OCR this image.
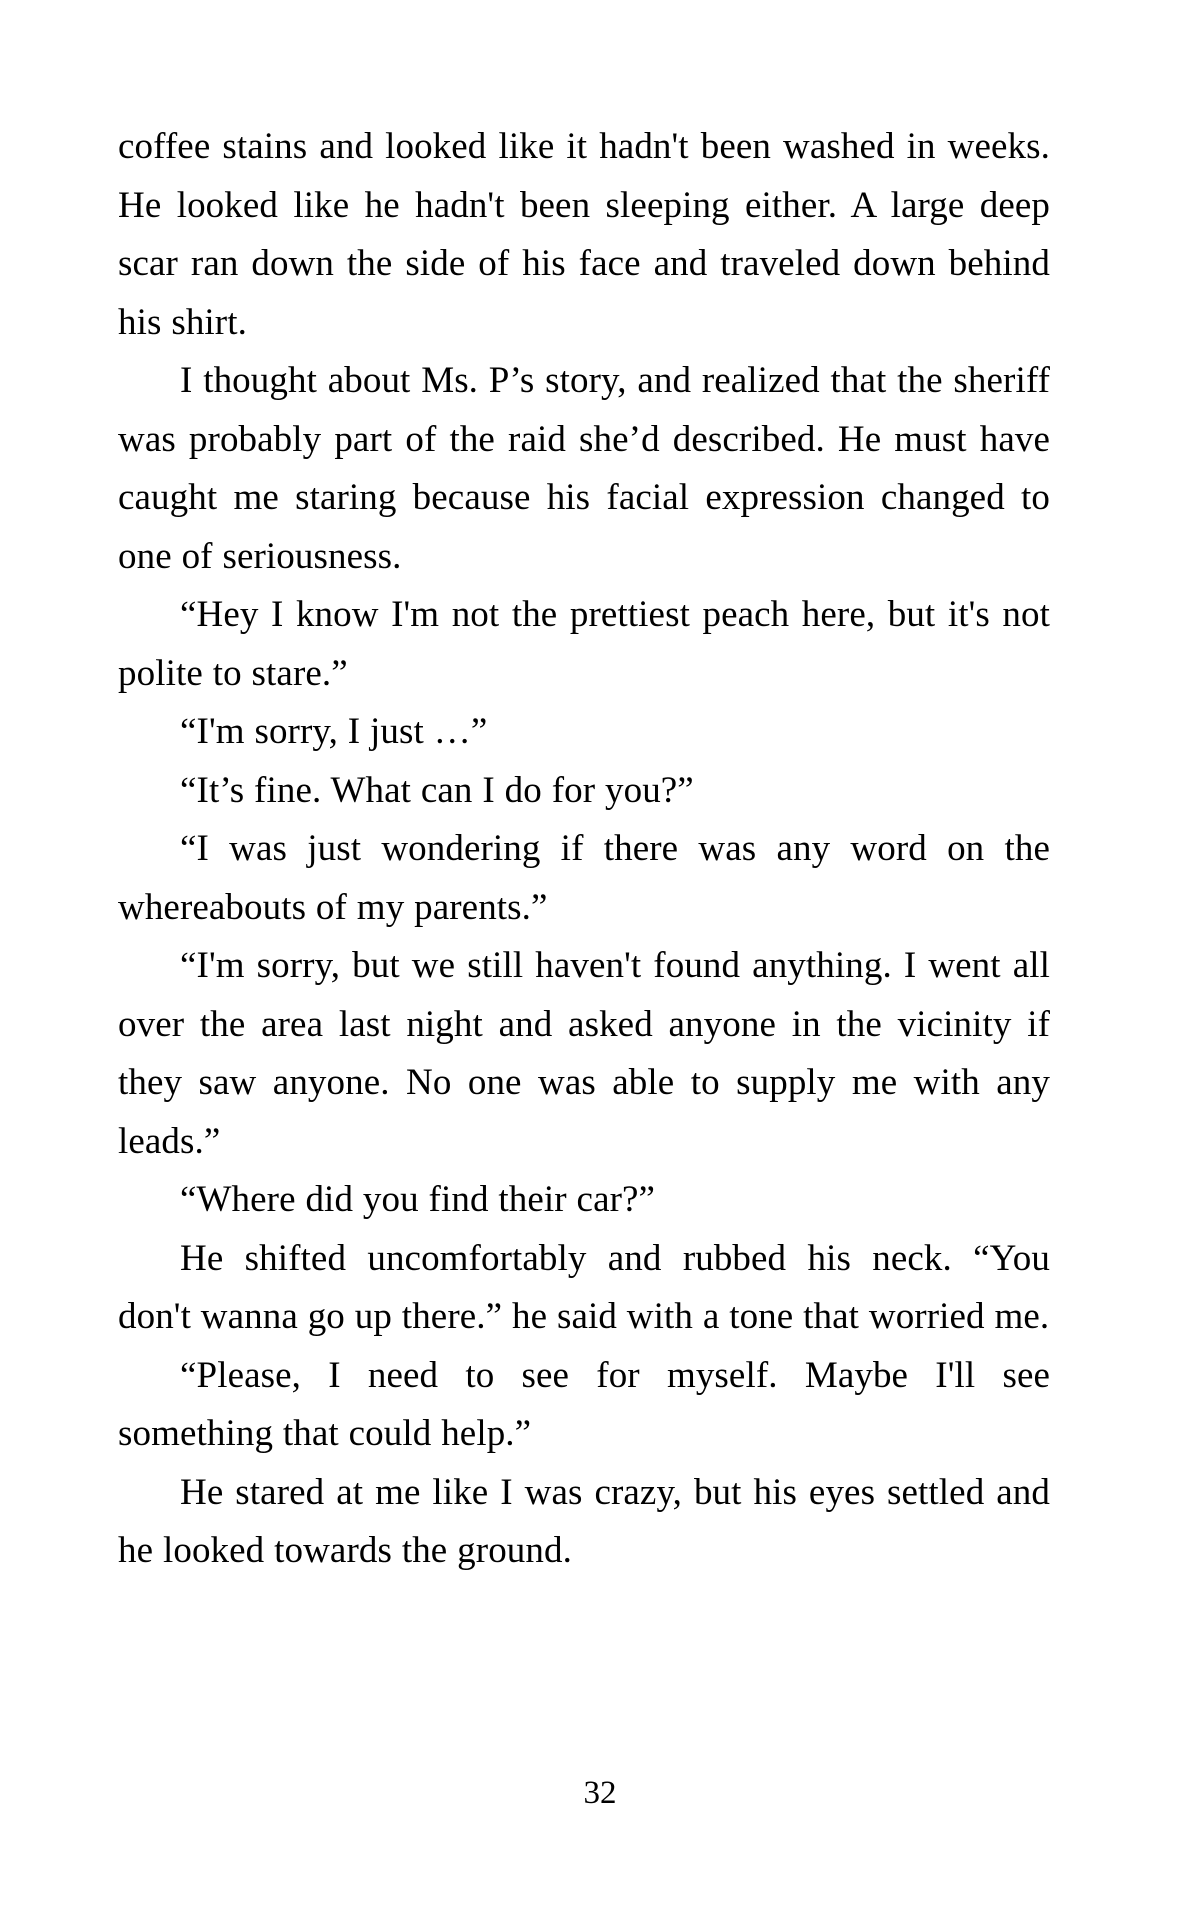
coffee stains and looked like it hadn't been washed in weeks. He looked like he hadn't been sleeping either. A large deep scar ran down the side of his face and traveled down behind his shirt.

I thought about Ms. P’s story, and realized that the sheriff was probably part of the raid she’d described. He must have caught me staring because his facial expression changed to one of seriousness.

“Hey I know I'm not the prettiest peach here, but it's not polite to stare.”

“I'm sorry, I just …”

“It’s fine. What can I do for you?”

“I was just wondering if there was any word on the whereabouts of my parents.”

“I'm sorry, but we still haven't found anything. I went all over the area last night and asked anyone in the vicinity if they saw anyone. No one was able to supply me with any leads.”

“Where did you find their car?”

He shifted uncomfortably and rubbed his neck. “You don't wanna go up there.” he said with a tone that worried me.

“Please, I need to see for myself. Maybe I'll see something that could help.”

He stared at me like I was crazy, but his eyes settled and he looked towards the ground.

32
